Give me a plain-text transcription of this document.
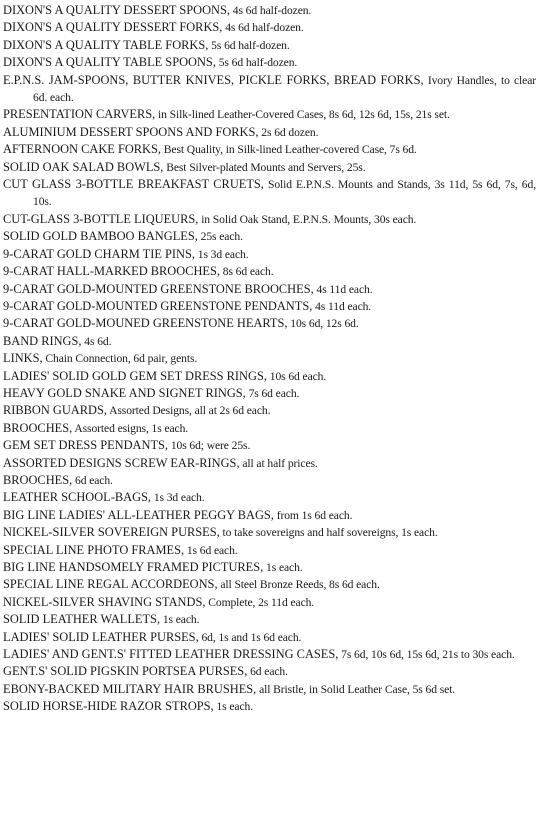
DIXON'S A QUALITY DESSERT SPOONS, 4s 6d half-dozen.

DIXON'S A QUALITY DESSERT FORKS, 4s 6d half-dozen.

DIXON'S A QUALITY TABLE FORKS, 5s 6d half-dozen.

DIXON'S A QUALITY TABLE SPOONS, 5s 6d half-dozen.

E.P.N.S. JAM-SPOONS, BUTTER KNIVES, PICKLE FORKS, BREAD FORKS, Ivory Handles, to clear 6d. each.

PRESENTATION CARVERS, in Silk-lined Leather-Covered Cases, 8s 6d, 12s 6d, 15s, 21s set.

ALUMINIUM DESSERT SPOONS AND FORKS, 2s 6d dozen.

AFTERNOON CAKE FORKS, Best Quality, in Silk-lined Leather-covered Case, 7s 6d.

SOLID OAK SALAD BOWLS, Best Silver-plated Mounts and Servers, 25s.

CUT GLASS 3-BOTTLE BREAKFAST CRUETS, Solid E.P.N.S. Mounts and Stands, 3s 11d, 5s 6d, 7s, 6d, 10s.

CUT-GLASS 3-BOTTLE LIQUEURS, in Solid Oak Stand, E.P.N.S. Mounts, 30s each.

SOLID GOLD BAMBOO BANGLES, 25s each.

9-CARAT GOLD CHARM TIE PINS, 1s 3d each.

9-CARAT HALL-MARKED BROOCHES, 8s 6d each.

9-CARAT GOLD-MOUNTED GREENSTONE BROOCHES, 4s 11d each.

9-CARAT GOLD-MOUNTED GREENSTONE PENDANTS, 4s 11d each.

9-CARAT GOLD-MOUNED GREENSTONE HEARTS, 10s 6d, 12s 6d.

BAND RINGS, 4s 6d.

LINKS, Chain Connection, 6d pair, gents.

LADIES' SOLID GOLD GEM SET DRESS RINGS, 10s 6d each.

HEAVY GOLD SNAKE AND SIGNET RINGS, 7s 6d each.

RIBBON GUARDS, Assorted Designs, all at 2s 6d each.

BROOCHES, Assorted esigns, 1s each.

GEM SET DRESS PENDANTS, 10s 6d; were 25s.

ASSORTED DESIGNS SCREW EAR-RINGS, all at half prices.

BROOCHES, 6d each.

LEATHER SCHOOL-BAGS, 1s 3d each.

BIG LINE LADIES' ALL-LEATHER PEGGY BAGS, from 1s 6d each.

NICKEL-SILVER SOVEREIGN PURSES, to take sovereigns and half sovereigns, 1s each.

SPECIAL LINE PHOTO FRAMES, 1s 6d each.

BIG LINE HANDSOMELY FRAMED PICTURES, 1s each.

SPECIAL LINE REGAL ACCORDEONS, all Steel Bronze Reeds, 8s 6d each.

NICKEL-SILVER SHAVING STANDS, Complete, 2s 11d each.

SOLID LEATHER WALLETS, 1s each.

LADIES' SOLID LEATHER PURSES, 6d, 1s and 1s 6d each.

LADIES' AND GENT.S' FITTED LEATHER DRESSING CASES, 7s 6d, 10s 6d, 15s 6d, 21s to 30s each.

GENT.S' SOLID PIGSKIN PORTSEA PURSES, 6d each.

EBONY-BACKED MILITARY HAIR BRUSHES, all Bristle, in Solid Leather Case, 5s 6d set.

SOLID HORSE-HIDE RAZOR STROPS, 1s each.
